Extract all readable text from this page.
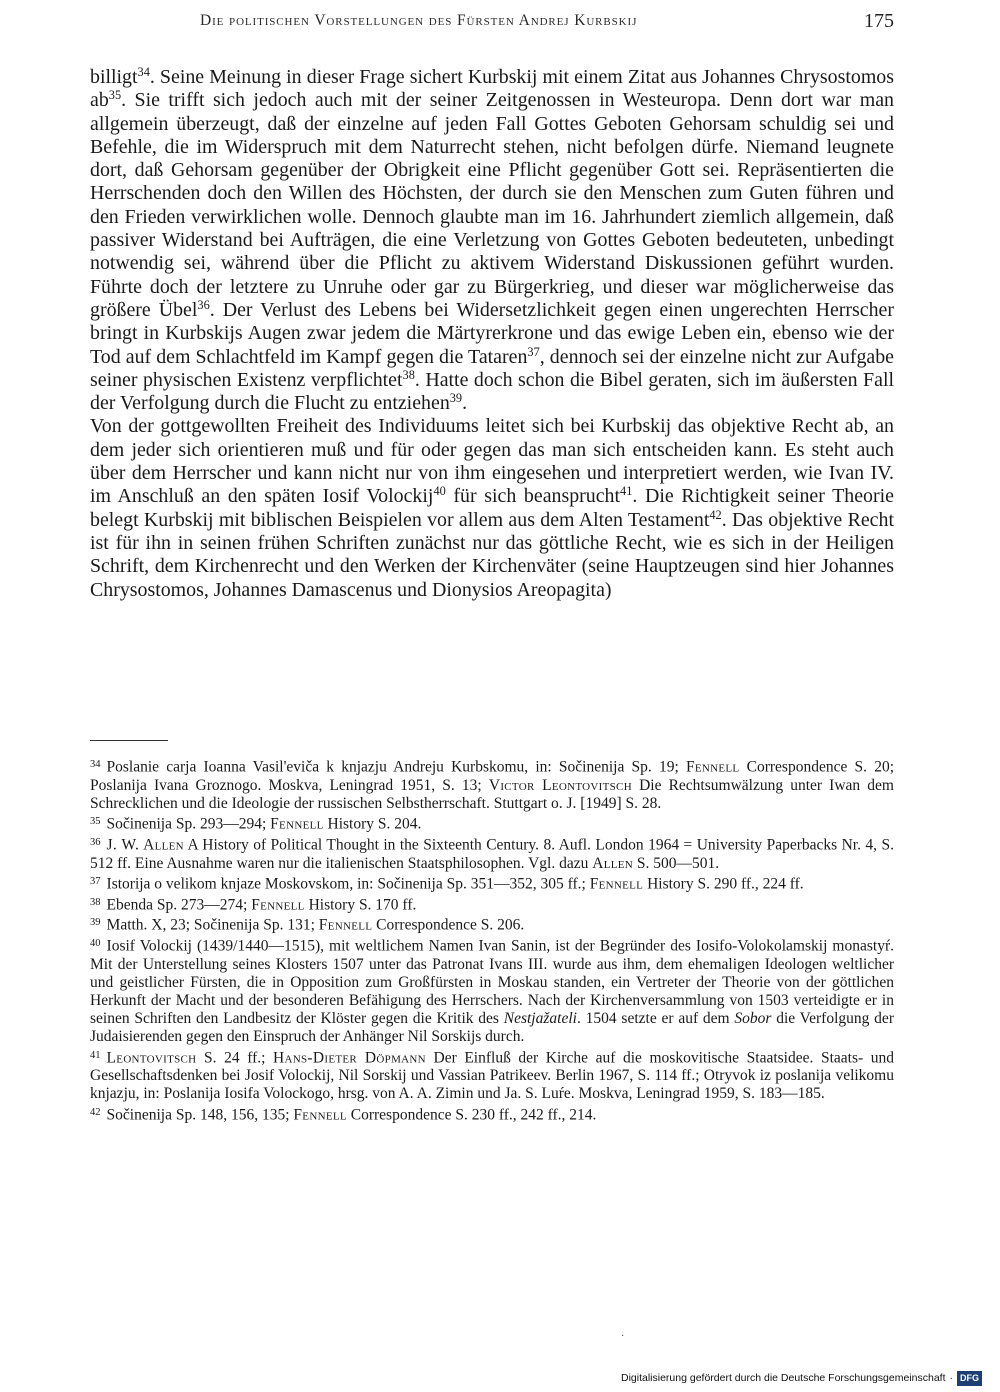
Die politischen Vorstellungen des Fürsten Andrej Kurbskij	175

billigt$^{34}$. Seine Meinung in dieser Frage sichert Kurbskij mit einem Zitat aus Johannes Chrysostomos $ab^{35}$. Sie trifft sich jedoch auch mit der seiner Zeitgenossen in Westeuropa. Denn dort war man allgemein überzeugt, daß der einzelne auf jeden Fall Gottes Geboten Gehorsam schuldig sei und Befehle, die im Widerspruch mit dem Naturrecht stehen, nicht befolgen dürfe. Niemand leugnete dort, daß Gehorsam gegenüber der Obrigkeit eine Pflicht gegenüber Gott sei. Repräsentierten die Herrschenden doch den Willen des Höchsten, der durch sie den Menschen zum Guten führen und den Frieden verwirklichen wolle. Dennoch glaubte man im 16. Jahrhundert ziemlich allgemein, daß passiver Widerstand bei Aufträgen, die eine Verletzung von Gottes Geboten bedeuteten, unbedingt notwendig sei, während über die Pflicht zu aktivem Widerstand Diskussionen geführt wurden. Führte doch der letztere zu Unruhe oder gar zu Bürgerkrieg, und dieser war möglicherweise das größere Übel$^{36}$. Der Verlust des Lebens bei Widersetzlichkeit gegen einen ungerechten Herrscher bringt in Kurbskijs Augen zwar jedem die Märtyrerkrone und das ewige Leben ein, ebenso wie der Tod auf dem Schlachtfeld im Kampf gegen die Tataren$^{37}$, dennoch sei der einzelne nicht zur Aufgabe seiner physischen Existenz verpflichtet$^{38}$. Hatte doch schon die Bibel geraten, sich im äußersten Fall der Verfolgung durch die Flucht zu entziehen$^{39}$.

Von der gottgewollten Freiheit des Individuums leitet sich bei Kurbskij das objektive Recht ab, an dem jeder sich orientieren muß und für oder gegen das man sich entscheiden kann. Es steht auch über dem Herrscher und kann nicht nur von ihm eingesehen und interpretiert werden, wie Ivan IV. im Anschluß an den späten Iosif Volockij$^{40}$ für sich beansprucht$^{41}$. Die Richtigkeit seiner Theorie belegt Kurbskij mit biblischen Beispielen vor allem aus dem Alten Testament$^{42}$. Das objektive Recht ist für ihn in seinen frühen Schriften zunächst nur das göttliche Recht, wie es sich in der Heiligen Schrift, dem Kirchenrecht und den Werken der Kirchenväter (seine Hauptzeugen sind hier Johannes Chrysostomos, Johannes Damascenus und Dionysios Areopagita)

$^{34}$ Poslanie carja Ioanna Vasil'eviča k knjazju Andreju Kurbskomu, in: Sočinenija Sp. 19; Fennell Correspondence S. 20; Poslanija Ivana Groznogo. Moskva, Leningrad 1951, S. 13; Victor Leontovitsch Die Rechtsumwälzung unter Iwan dem Schrecklichen und die Ideologie der russischen Selbstherrschaft. Stuttgart o. J. [1949] S. 28.

$^{35}$ Sočinenija Sp. 293—294; Fennell History S. 204.

$^{36}$ J. W. Allen A History of Political Thought in the Sixteenth Century. 8. Aufl. London 1964 = University Paperbacks Nr. 4, S. 512 ff. Eine Ausnahme waren nur die italienischen Staatsphilosophen. Vgl. dazu Allen S. 500—501.

$^{37}$ Istorija o velikom knjaze Moskovskom, in: Sočinenija Sp. 351—352, 305 ff.; Fennell History S. 290 ff., 224 ff.

$^{38}$ Ebenda Sp. 273—274; Fennell History S. 170 ff.

$^{39}$ Matth. X, 23; Sočinenija Sp. 131; Fennell Correspondence S. 206.

$^{40}$ Iosif Volockij (1439/1440—1515), mit weltlichem Namen Ivan Sanin, ist der Begründer des Iosifo-Volokolamskij monastyŕ. Mit der Unterstellung seines Klosters 1507 unter das Patronat Ivans III. wurde aus ihm, dem ehemaligen Ideologen weltlicher und geistlicher Fürsten, die in Opposition zum Großfürsten in Moskau standen, ein Vertreter der Theorie von der göttlichen Herkunft der Macht und der besonderen Befähigung des Herrschers. Nach der Kirchenversammlung von 1503 verteidigte er in seinen Schriften den Landbesitz der Klöster gegen die Kritik des Nestjažateli. 1504 setzte er auf dem Sobor die Verfolgung der Judaisierenden gegen den Einspruch der Anhänger Nil Sorskijs durch.

$^{41}$ Leontovitsch S. 24 ff.; Hans-Dieter Döpmann Der Einfluß der Kirche auf die moskovitische Staatsidee. Staats- und Gesellschaftsdenken bei Josif Volockij, Nil Sorskij und Vassian Patrikeev. Berlin 1967, S. 114 ff.; Otryvok iz poslanija velikomu knjazju, in: Poslanija Iosifa Volockogo, hrsg. von A. A. Zimin und Ja. S. Luŕe. Moskva, Leningrad 1959, S. 183—185.

$^{42}$ Sočinenija Sp. 148, 156, 135; Fennell Correspondence S. 230 ff., 242 ff., 214.

·
Digitalisierung gefördert durch die Deutsche Forschungsgemeinschaft · DFG
